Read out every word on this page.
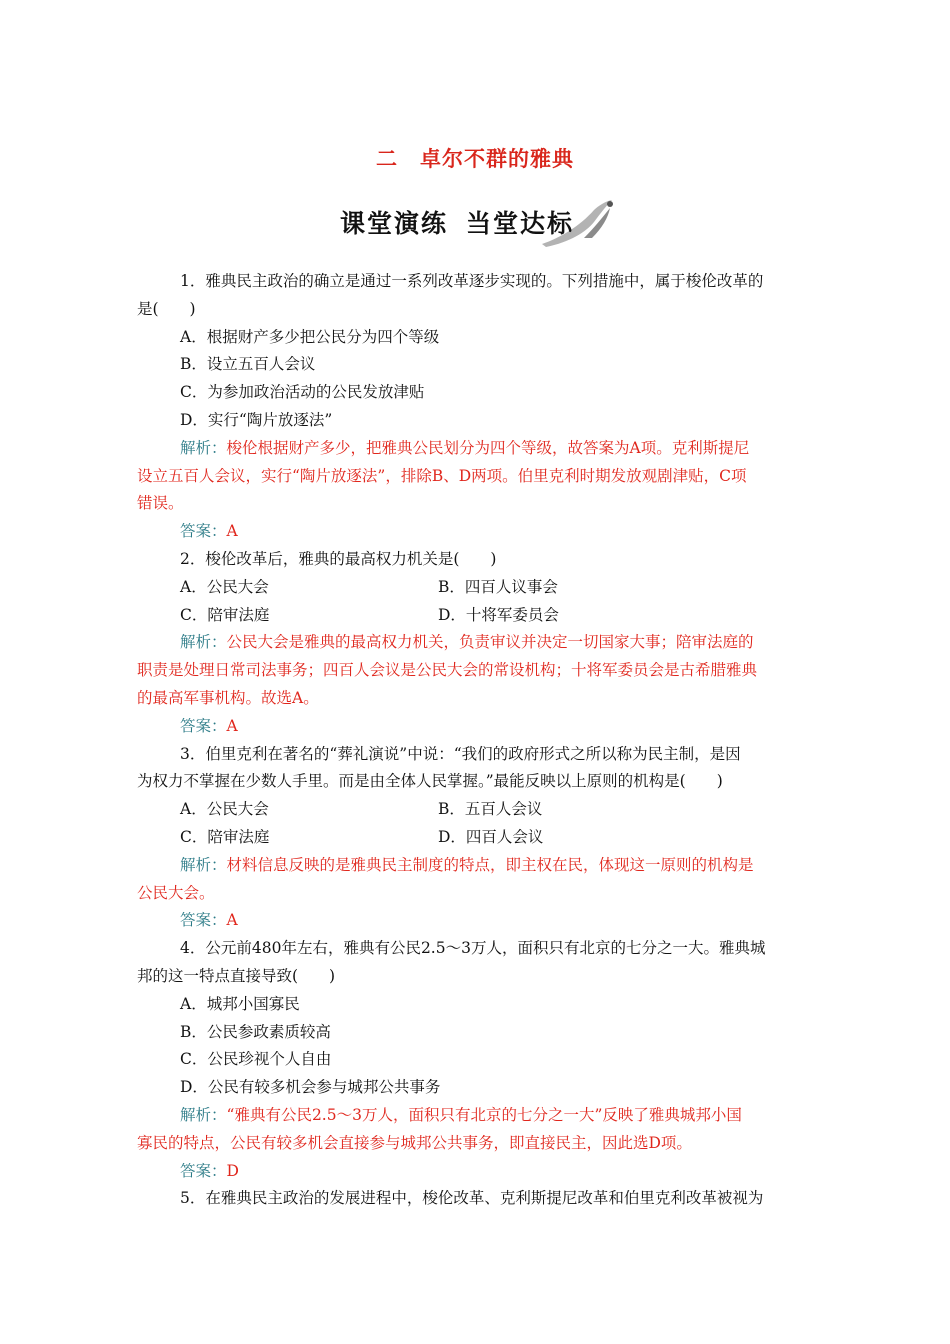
二 卓尔不群的雅典
课堂演练 当堂达标
1．雅典民主政治的确立是通过一系列改革逐步实现的。下列措施中，属于梭伦改革的
是(　　)
A．根据财产多少把公民分为四个等级
B．设立五百人会议
C．为参加政治活动的公民发放津贴
D．实行“陶片放逐法”
解析：梭伦根据财产多少，把雅典公民划分为四个等级，故答案为A项。克利斯提尼
设立五百人会议，实行“陶片放逐法”，排除B、D两项。伯里克利时期发放观剧津贴，C项
错误。
答案：A
2．梭伦改革后，雅典的最高权力机关是(　　)
A．公民大会	B．四百人议事会
C．陪审法庭	D．十将军委员会
解析：公民大会是雅典的最高权力机关，负责审议并决定一切国家大事；陪审法庭的
职责是处理日常司法事务；四百人会议是公民大会的常设机构；十将军委员会是古希腊雅典
的最高军事机构。故选A。
答案：A
3．伯里克利在著名的“葬礼演说”中说：“我们的政府形式之所以称为民主制，是因
为权力不掌握在少数人手里。而是由全体人民掌握。”最能反映以上原则的机构是(　　)
A．公民大会	B．五百人会议
C．陪审法庭	D．四百人会议
解析：材料信息反映的是雅典民主制度的特点，即主权在民，体现这一原则的机构是
公民大会。
答案：A
4．公元前480年左右，雅典有公民2.5～3万人，面积只有北京的七分之一大。雅典城
邦的这一特点直接导致(　　)
A．城邦小国寡民
B．公民参政素质较高
C．公民珍视个人自由
D．公民有较多机会参与城邦公共事务
解析：“雅典有公民2.5～3万人，面积只有北京的七分之一大”反映了雅典城邦小国
寡民的特点，公民有较多机会直接参与城邦公共事务，即直接民主，因此选D项。
答案：D
5．在雅典民主政治的发展进程中，梭伦改革、克利斯提尼改革和伯里克利改革被视为
